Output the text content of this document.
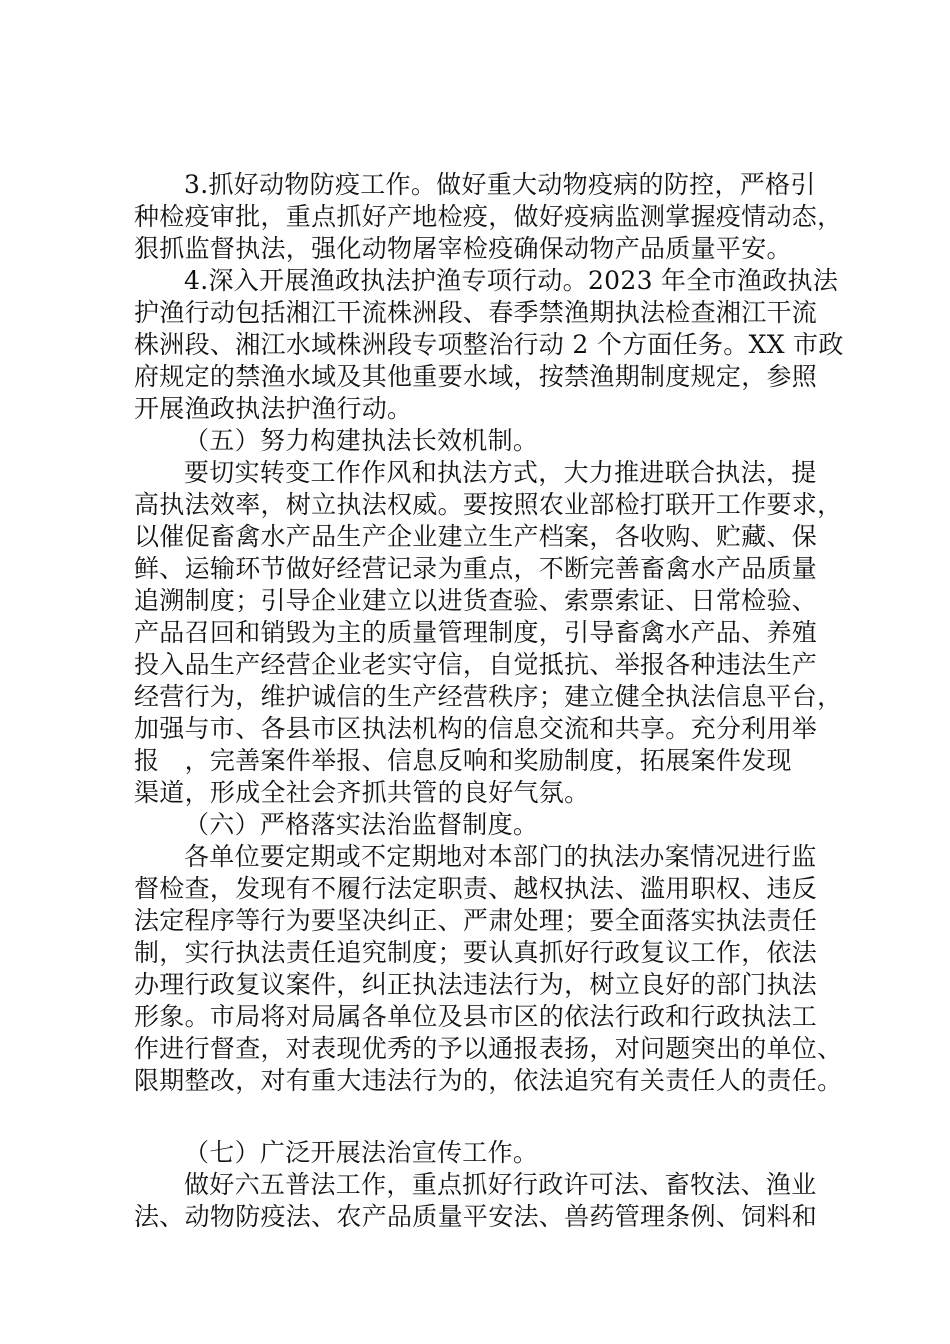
3.抓好动物防疫工作。做好重大动物疫病的防控，严格引
种检疫审批，重点抓好产地检疫，做好疫病监测掌握疫情动态，
狠抓监督执法，强化动物屠宰检疫确保动物产品质量平安。
4.深入开展渔政执法护渔专项行动。2023 年全市渔政执法
护渔行动包括湘江干流株洲段、春季禁渔期执法检查湘江干流
株洲段、湘江水域株洲段专项整治行动 2 个方面任务。XX 市政
府规定的禁渔水域及其他重要水域，按禁渔期制度规定，参照
开展渔政执法护渔行动。
（五）努力构建执法长效机制。
要切实转变工作作风和执法方式，大力推进联合执法，提
高执法效率，树立执法权威。要按照农业部检打联开工作要求，
以催促畜禽水产品生产企业建立生产档案，各收购、贮藏、保
鲜、运输环节做好经营记录为重点，不断完善畜禽水产品质量
追溯制度；引导企业建立以进货查验、索票索证、日常检验、
产品召回和销毁为主的质量管理制度，引导畜禽水产品、养殖
投入品生产经营企业老实守信，自觉抵抗、举报各种违法生产
经营行为，维护诚信的生产经营秩序；建立健全执法信息平台，
加强与市、各县市区执法机构的信息交流和共享。充分利用举
报　，完善案件举报、信息反响和奖励制度，拓展案件发现
渠道，形成全社会齐抓共管的良好气氛。
（六）严格落实法治监督制度。
各单位要定期或不定期地对本部门的执法办案情况进行监
督检查，发现有不履行法定职责、越权执法、滥用职权、违反
法定程序等行为要坚决纠正、严肃处理；要全面落实执法责任
制，实行执法责任追究制度；要认真抓好行政复议工作，依法
办理行政复议案件，纠正执法违法行为，树立良好的部门执法
形象。市局将对局属各单位及县市区的依法行政和行政执法工
作进行督查，对表现优秀的予以通报表扬，对问题突出的单位、
限期整改，对有重大违法行为的，依法追究有关责任人的责任。
（七）广泛开展法治宣传工作。
做好六五普法工作，重点抓好行政许可法、畜牧法、渔业
法、动物防疫法、农产品质量平安法、兽药管理条例、饲料和
